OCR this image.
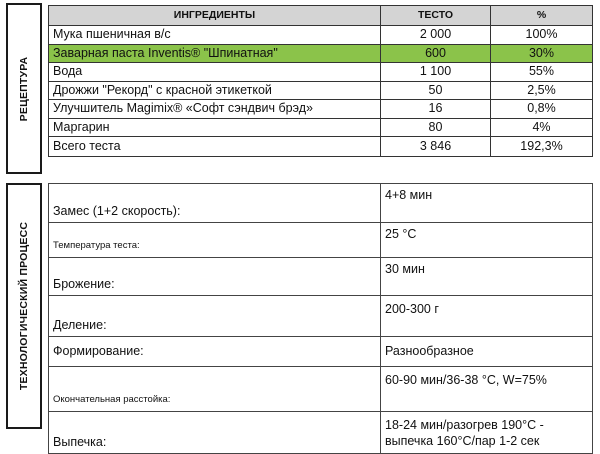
РЕЦЕПТУРА
ИНГРЕДИЕНТЫ	ТЕСТО	%
Мука пшеничная в/с	2 000	100%
Заварная паста Inventis® "Шпинатная"	600	30%
Вода	1 100	55%
Дрожжи "Рекорд" с красной этикеткой	50	2,5%
Улучшитель Magimix® «Софт сэндвич брэд»	16	0,8%
Маргарин	80	4%
Всего теста	3 846	192,3%
ТЕХНОЛОГИЧЕСКИЙ ПРОЦЕСС
Замес (1+2 скорость):	4+8 мин
Температура теста:	25 °С
Брожение:	30 мин
Деление:	200-300 г
Формирование:	Разнообразное
Окончательная расстойка:	60-90 мин/36-38 °С, W=75%
Выпечка:	18-24 мин/разогрев 190°С -
выпечка 160°С/пар 1-2 сек
